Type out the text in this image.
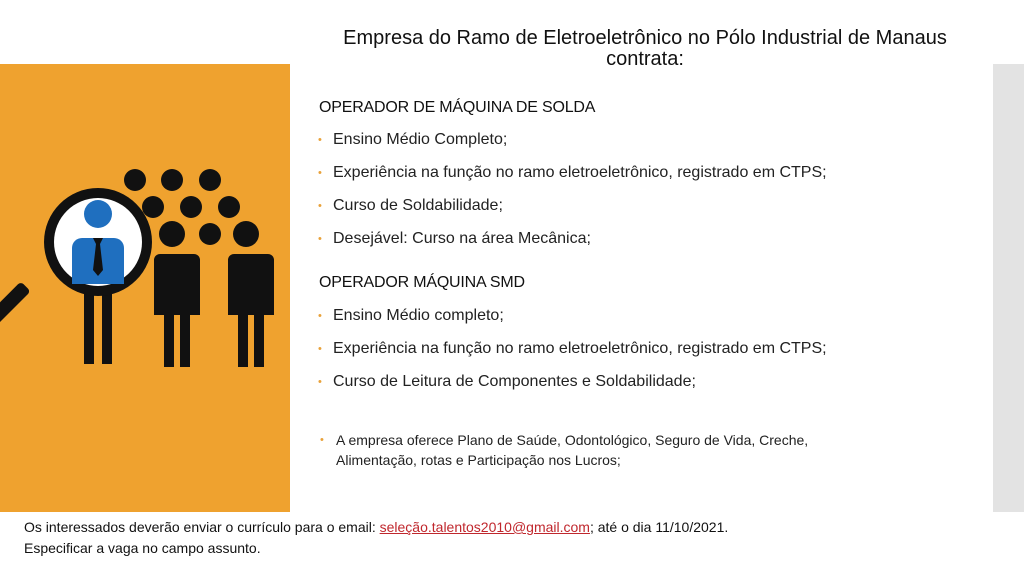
Empresa do Ramo de Eletroeletrônico no Pólo Industrial de Manaus
contrata:
OPERADOR DE MÁQUINA DE SOLDA
• Ensino Médio Completo;
• Experiência na função no ramo eletroeletrônico, registrado em CTPS;
• Curso de Soldabilidade;
• Desejável: Curso na área Mecânica;
OPERADOR MÁQUINA SMD
• Ensino Médio completo;
• Experiência na função no ramo eletroeletrônico, registrado em CTPS;
• Curso de Leitura de Componentes e Soldabilidade;
• A empresa oferece Plano de Saúde, Odontológico, Seguro de Vida, Creche,
Alimentação, rotas e Participação nos Lucros;
Os interessados deverão enviar o currículo para o email: seleção.talentos2010@gmail.com; até o dia 11/10/2021.
Especificar a vaga no campo assunto.
